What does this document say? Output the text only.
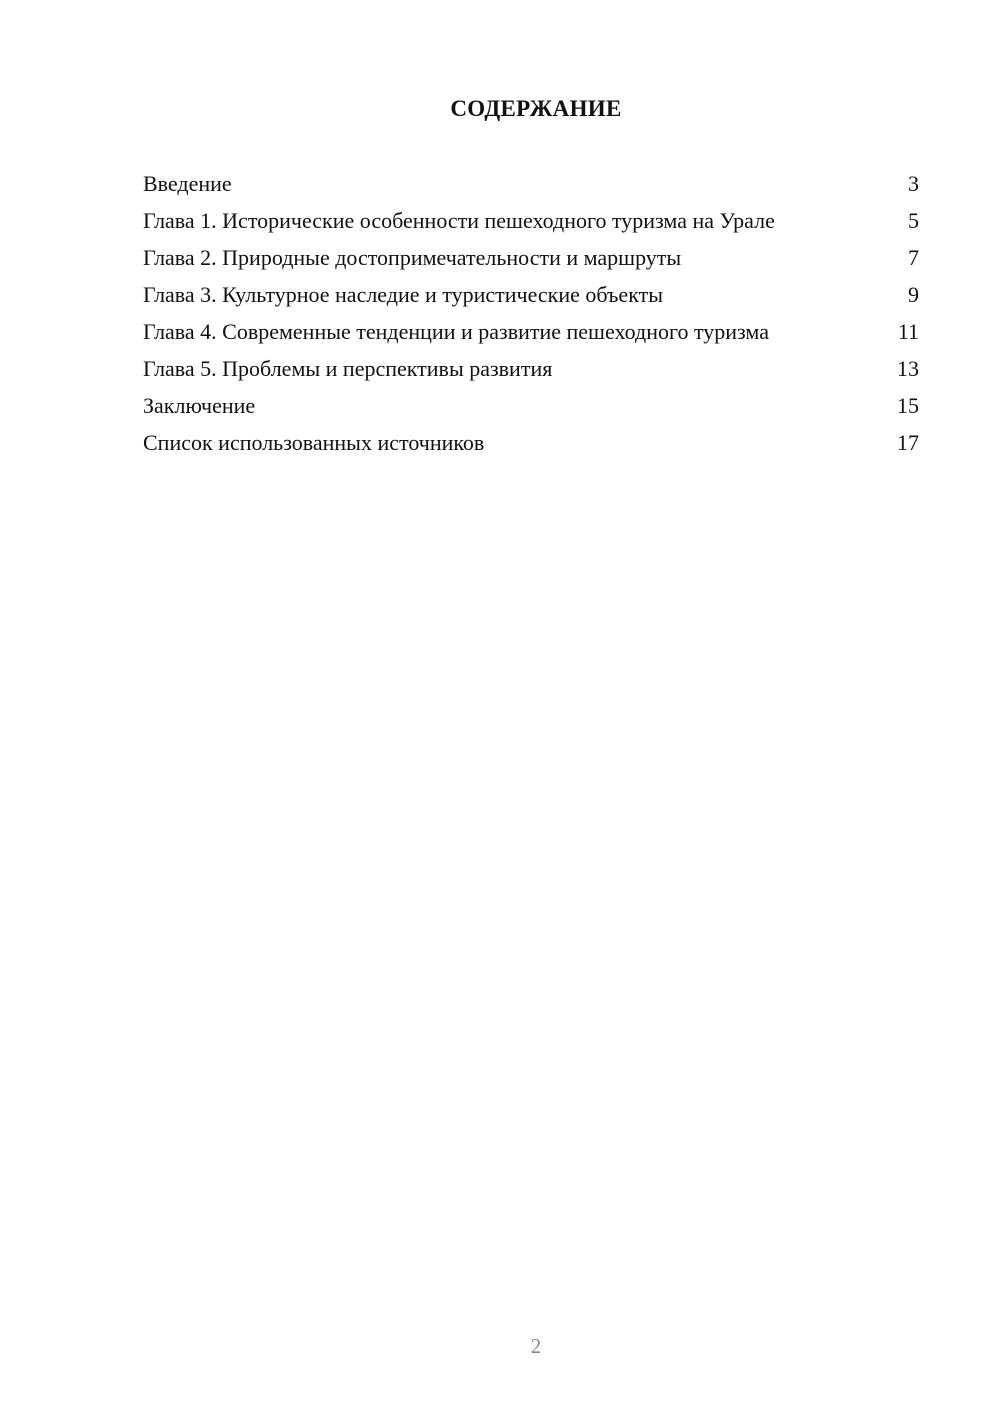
СОДЕРЖАНИЕ
Введение	3
Глава 1. Исторические особенности пешеходного туризма на Урале	5
Глава 2. Природные достопримечательности и маршруты	7
Глава 3. Культурное наследие и туристические объекты	9
Глава 4. Современные тенденции и развитие пешеходного туризма	11
Глава 5. Проблемы и перспективы развития	13
Заключение	15
Список использованных источников	17
2
